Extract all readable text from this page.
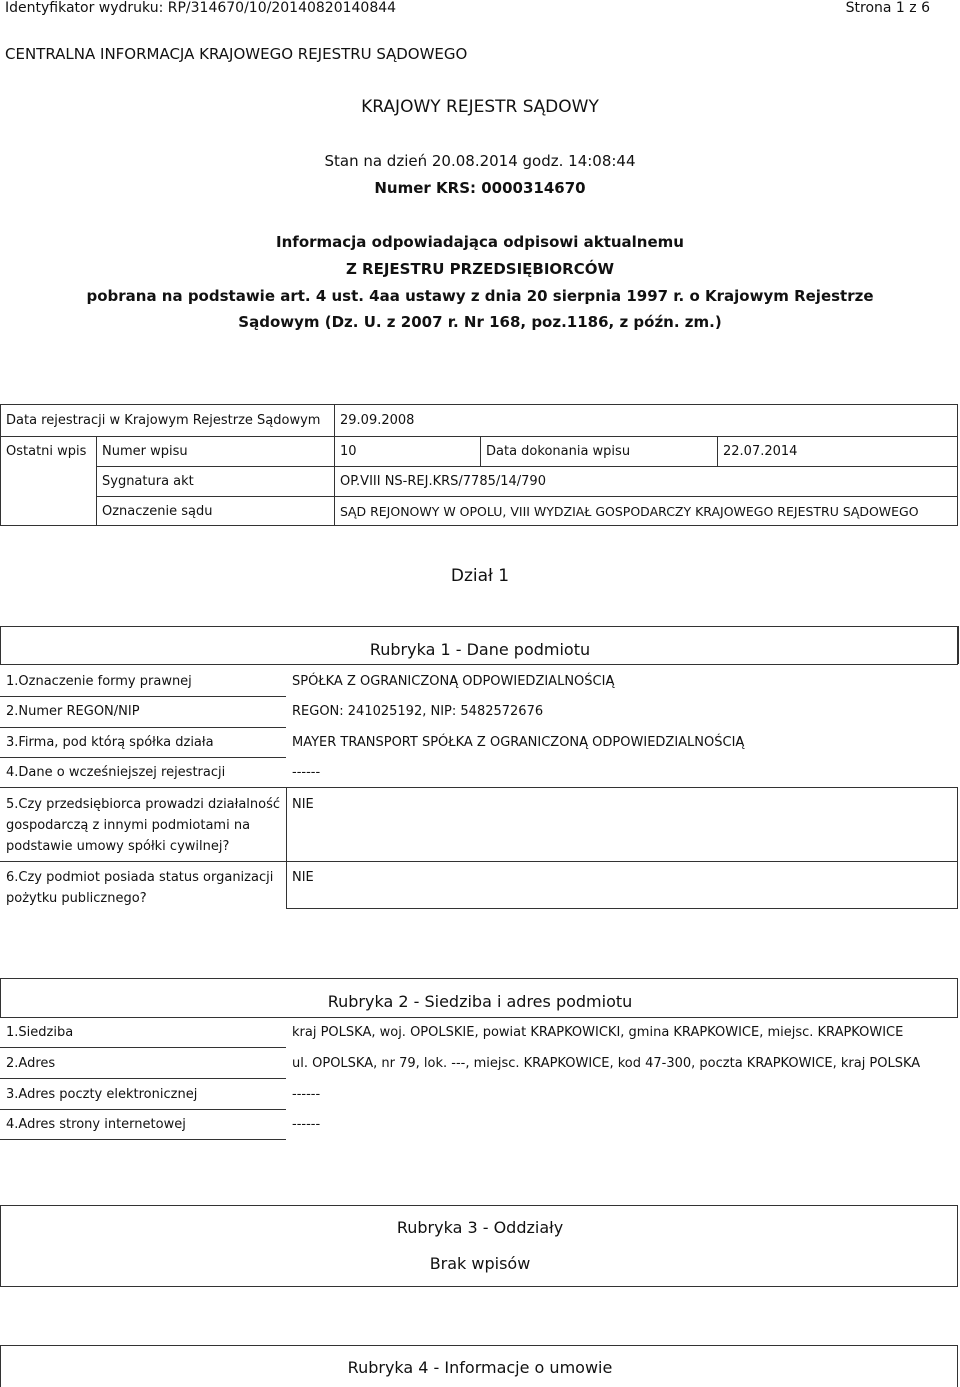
Identyfikator wydruku: RP/314670/10/20140820140844	Strona 1 z 6
CENTRALNA INFORMACJA KRAJOWEGO REJESTRU SĄDOWEGO
KRAJOWY REJESTR SĄDOWY
Stan na dzień 20.08.2014 godz. 14:08:44
Numer KRS: 0000314670
Informacja odpowiadająca odpisowi aktualnemu
Z REJESTRU PRZEDSIĘBIORCÓW
pobrana na podstawie art. 4 ust. 4aa ustawy z dnia 20 sierpnia 1997 r. o Krajowym Rejestrze
Sądowym (Dz. U. z 2007 r. Nr 168, poz.1186, z późn. zm.)
Data rejestracji w Krajowym Rejestrze Sądowym 29.09.2008
Ostatni wpis Numer wpisu	10	Data dokonania wpisu	22.07.2014
Sygnatura akt	OP.VIII NS-REJ.KRS/7785/14/790
Oznaczenie sądu	SĄD REJONOWY W OPOLU, VIII WYDZIAŁ GOSPODARCZY KRAJOWEGO REJESTRU SĄDOWEGO
Dział 1
Rubryka 1 - Dane podmiotu
1.Oznaczenie formy prawnej	SPÓŁKA Z OGRANICZONĄ ODPOWIEDZIALNOŚCIĄ
2.Numer REGON/NIP	REGON: 241025192, NIP: 5482572676
3.Firma, pod którą spółka działa	MAYER TRANSPORT SPÓŁKA Z OGRANICZONĄ ODPOWIEDZIALNOŚCIĄ
4.Dane o wcześniejszej rejestracji	------
5.Czy przedsiębiorca prowadzi działalność
gospodarczą z innymi podmiotami na
podstawie umowy spółki cywilnej?
NIE
6.Czy podmiot posiada status organizacji
pożytku publicznego?
NIE
Rubryka 2 - Siedziba i adres podmiotu
1.Siedziba	kraj POLSKA, woj. OPOLSKIE, powiat KRAPKOWICKI, gmina KRAPKOWICE, miejsc. KRAPKOWICE
2.Adres	ul. OPOLSKA, nr 79, lok. ---, miejsc. KRAPKOWICE, kod 47-300, poczta KRAPKOWICE, kraj POLSKA
3.Adres poczty elektronicznej	------
4.Adres strony internetowej	------
Rubryka 3 - Oddziały
Brak wpisów
Rubryka 4 - Informacje o umowie
